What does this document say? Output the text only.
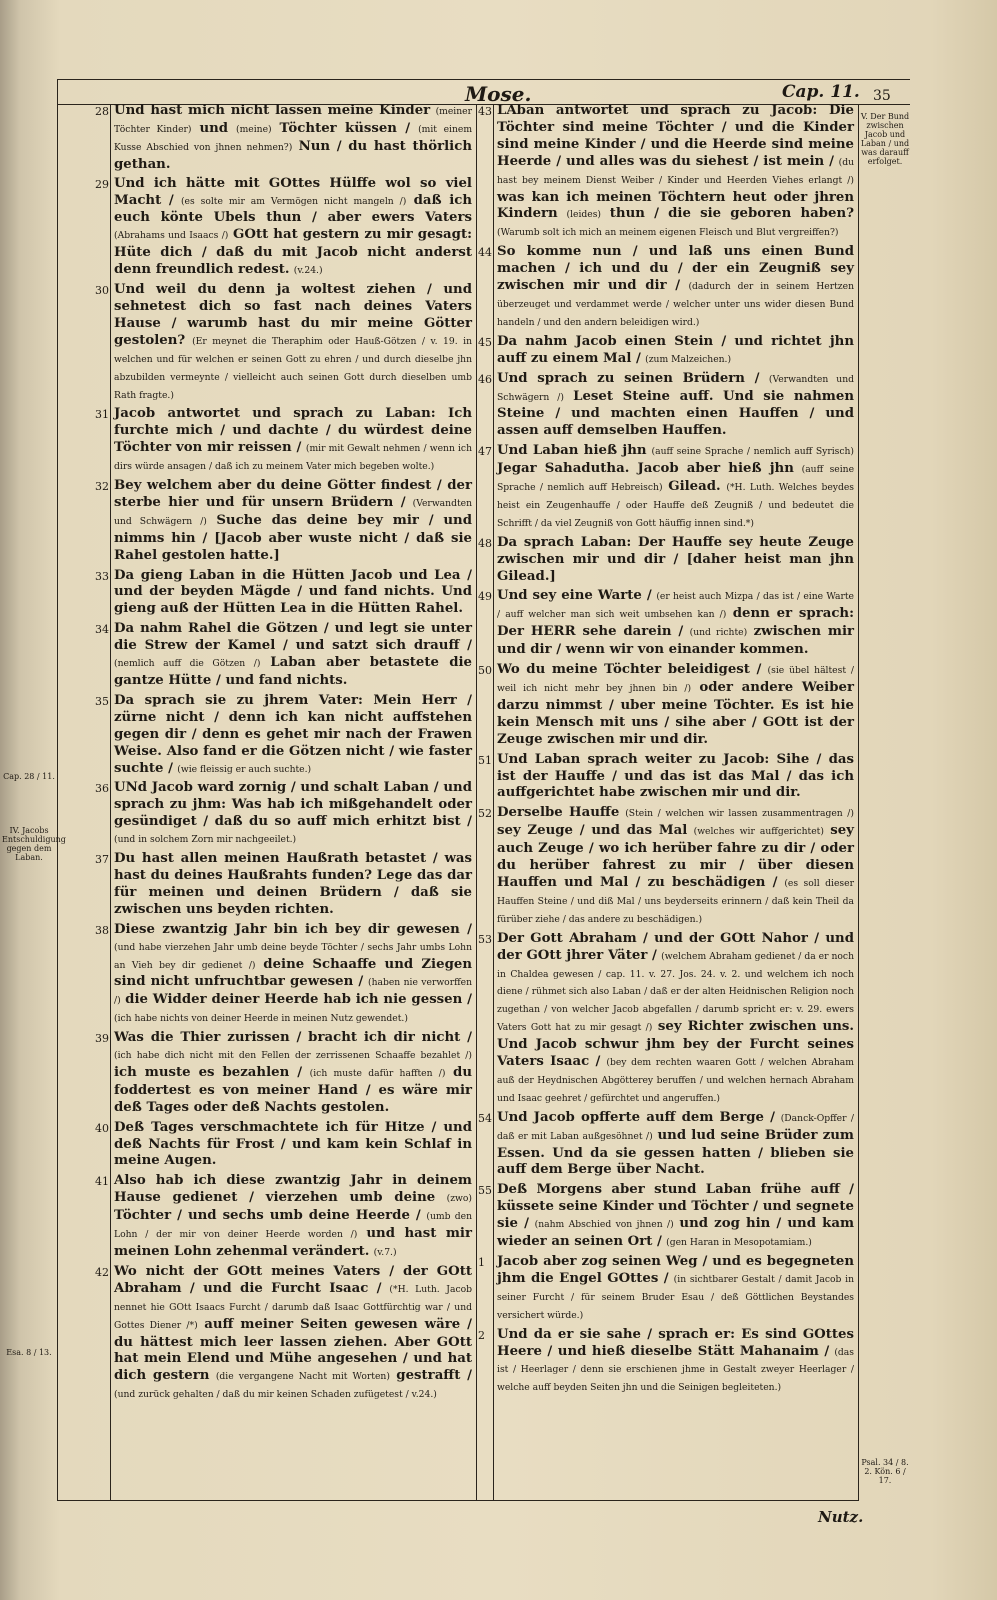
Mose.	Cap. 11. 35
V. Der Bund zwischen Jacob und Laban / und was darauff erfolget.
Cap. 28 / 11.
IV. Jacobs Entschuldigung gegen dem Laban.
Esa. 8 / 13.
Psal. 34 / 8. 2. Kön. 6 / 17.
28 Und hast mich nicht lassen meine Kinder (meiner Töchter Kinder) und (meine) Töchter küssen / (mit einem Kusse Abschied von jhnen nehmen?) Nun / du hast thörlich gethan.
29 Und ich hätte mit GOttes Hülffe wol so viel Macht / (es solte mir am Vermögen nicht mangeln /) daß ich euch könte Ubels thun / aber ewers Vaters (Abrahams und Isaacs /) GOtt hat gestern zu mir gesagt: Hüte dich / daß du mit Jacob nicht anderst denn freundlich redest. (v.24.)
30 Und weil du denn ja woltest ziehen / und sehnetest dich so fast nach deines Vaters Hause / warumb hast du mir meine Götter gestolen? (Er meynet die Theraphim oder Hauß-Götzen / v. 19. in welchen und für welchen er seinen Gott zu ehren / und durch dieselbe jhn abzubilden vermeynte / vielleicht auch seinen Gott durch dieselben umb Rath fragte.)
31 Jacob antwortet und sprach zu Laban: Ich furchte mich / und dachte / du würdest deine Töchter von mir reissen / (mir mit Gewalt nehmen / wenn ich dirs würde ansagen / daß ich zu meinem Vater mich begeben wolte.)
32 Bey welchem aber du deine Götter findest / der sterbe hier und für unsern Brüdern / (Verwandten und Schwägern /) Suche das deine bey mir / und nimms hin / [Jacob aber wuste nicht / daß sie Rahel gestolen hatte.]
33 Da gieng Laban in die Hütten Jacob und Lea / und der beyden Mägde / und fand nichts. Und gieng auß der Hütten Lea in die Hütten Rahel.
34 Da nahm Rahel die Götzen / und legt sie unter die Strew der Kamel / und satzt sich drauff / (nemlich auff die Götzen /) Laban aber betastete die gantze Hütte / und fand nichts.
35 Da sprach sie zu jhrem Vater: Mein Herr / zürne nicht / denn ich kan nicht auffstehen gegen dir / denn es gehet mir nach der Frawen Weise. Also fand er die Götzen nicht / wie faster suchte / (wie fleissig er auch suchte.)
36 UNd Jacob ward zornig / und schalt Laban / und sprach zu jhm: Was hab ich mißgehandelt oder gesündiget / daß du so auff mich erhitzt bist / (und in solchem Zorn mir nachgeeilet.)
37 Du hast allen meinen Haußrath betastet / was hast du deines Haußrahts funden? Lege das dar für meinen und deinen Brüdern / daß sie zwischen uns beyden richten.
38 Diese zwantzig Jahr bin ich bey dir gewesen / (und habe vierzehen Jahr umb deine beyde Töchter / sechs Jahr umbs Lohn an Vieh bey dir gedienet /) deine Schaaffe und Ziegen sind nicht unfruchtbar gewesen / (haben nie verworffen /) die Widder deiner Heerde hab ich nie gessen / (ich habe nichts von deiner Heerde in meinen Nutz gewendet.)
39 Was die Thier zurissen / bracht ich dir nicht / (ich habe dich nicht mit den Fellen der zerrissenen Schaaffe bezahlet /) ich muste es bezahlen / (ich muste dafür hafften /) du foddertest es von meiner Hand / es wäre mir deß Tages oder deß Nachts gestolen.
40 Deß Tages verschmachtete ich für Hitze / und deß Nachts für Frost / und kam kein Schlaf in meine Augen.
41 Also hab ich diese zwantzig Jahr in deinem Hause gedienet / vierzehen umb deine (zwo) Töchter / und sechs umb deine Heerde / (umb den Lohn / der mir von deiner Heerde worden /) und hast mir meinen Lohn zehenmal verändert. (v.7.)
42 Wo nicht der GOtt meines Vaters / der GOtt Abraham / und die Furcht Isaac / (*H. Luth. Jacob nennet hie GOtt Isaacs Furcht / darumb daß Isaac Gottfürchtig war / und Gottes Diener /*) auff meiner Seiten gewesen wäre / du hättest mich leer lassen ziehen. Aber GOtt hat mein Elend und Mühe angesehen / und hat dich gestern (die vergangene Nacht mit Worten) gestrafft / (und zurück gehalten / daß du mir keinen Schaden zufügetest / v.24.)
43 LAban antwortet und sprach zu Jacob: Die Töchter sind meine Töchter / und die Kinder sind meine Kinder / und die Heerde sind meine Heerde / und alles was du siehest / ist mein / (du hast bey meinem Dienst Weiber / Kinder und Heerden Viehes erlangt /) was kan ich meinen Töchtern heut oder jhren Kindern (leides) thun / die sie geboren haben? (Warumb solt ich mich an meinem eigenen Fleisch und Blut vergreiffen?)
44 So komme nun / und laß uns einen Bund machen / ich und du / der ein Zeugniß sey zwischen mir und dir / (dadurch der in seinem Hertzen überzeuget und verdammet werde / welcher unter uns wider diesen Bund handeln / und den andern beleidigen wird.)
45 Da nahm Jacob einen Stein / und richtet jhn auff zu einem Mal / (zum Malzeichen.)
46 Und sprach zu seinen Brüdern / (Verwandten und Schwägern /) Leset Steine auff. Und sie nahmen Steine / und machten einen Hauffen / und assen auff demselben Hauffen.
47 Und Laban hieß jhn (auff seine Sprache / nemlich auff Syrisch) Jegar Sahadutha. Jacob aber hieß jhn (auff seine Sprache / nemlich auff Hebreisch) Gilead. (*H. Luth. Welches beydes heist ein Zeugenhauffe / oder Hauffe deß Zeugniß / und bedeutet die Schrifft / da viel Zeugniß von Gott häuffig innen sind.*)
48 Da sprach Laban: Der Hauffe sey heute Zeuge zwischen mir und dir / [daher heist man jhn Gilead.]
49 Und sey eine Warte / (er heist auch Mizpa / das ist / eine Warte / auff welcher man sich weit umbsehen kan /) denn er sprach: Der HERR sehe darein / (und richte) zwischen mir und dir / wenn wir von einander kommen.
50 Wo du meine Töchter beleidigest / (sie übel hältest / weil ich nicht mehr bey jhnen bin /) oder andere Weiber darzu nimmst / uber meine Töchter. Es ist hie kein Mensch mit uns / sihe aber / GOtt ist der Zeuge zwischen mir und dir.
51 Und Laban sprach weiter zu Jacob: Sihe / das ist der Hauffe / und das ist das Mal / das ich auffgerichtet habe zwischen mir und dir.
52 Derselbe Hauffe (Stein / welchen wir lassen zusammentragen /) sey Zeuge / und das Mal (welches wir auffgerichtet) sey auch Zeuge / wo ich herüber fahre zu dir / oder du herüber fahrest zu mir / über diesen Hauffen und Mal / zu beschädigen / (es soll dieser Hauffen Steine / und diß Mal / uns beyderseits erinnern / daß kein Theil da fürüber ziehe / das andere zu beschädigen.)
53 Der Gott Abraham / und der GOtt Nahor / und der GOtt jhrer Väter / (welchem Abraham gedienet / da er noch in Chaldea gewesen / cap. 11. v. 27. Jos. 24. v. 2. und welchem ich noch diene / rühmet sich also Laban / daß er der alten Heidnischen Religion noch zugethan / von welcher Jacob abgefallen / darumb spricht er: v. 29. ewers Vaters Gott hat zu mir gesagt /) sey Richter zwischen uns. Und Jacob schwur jhm bey der Furcht seines Vaters Isaac / (bey dem rechten waaren Gott / welchen Abraham auß der Heydnischen Abgötterey beruffen / und welchen hernach Abraham und Isaac geehret / gefürchtet und angeruffen.)
54 Und Jacob opfferte auff dem Berge / (Danck-Opffer / daß er mit Laban außgesöhnet /) und lud seine Brüder zum Essen. Und da sie gessen hatten / blieben sie auff dem Berge über Nacht.
55 Deß Morgens aber stund Laban frühe auff / küssete seine Kinder und Töchter / und segnete sie / (nahm Abschied von jhnen /) und zog hin / und kam wieder an seinen Ort / (gen Haran in Mesopotamiam.)
1 Jacob aber zog seinen Weg / und es begegneten jhm die Engel GOttes / (in sichtbarer Gestalt / damit Jacob in seiner Furcht / für seinem Bruder Esau / deß Göttlichen Beystandes versichert würde.)
2 Und da er sie sahe / sprach er: Es sind GOttes Heere / und hieß dieselbe Stätt Mahanaim / (das ist / Heerlager / denn sie erschienen jhme in Gestalt zweyer Heerlager / welche auff beyden Seiten jhn und die Seinigen begleiteten.)
Nutz.
